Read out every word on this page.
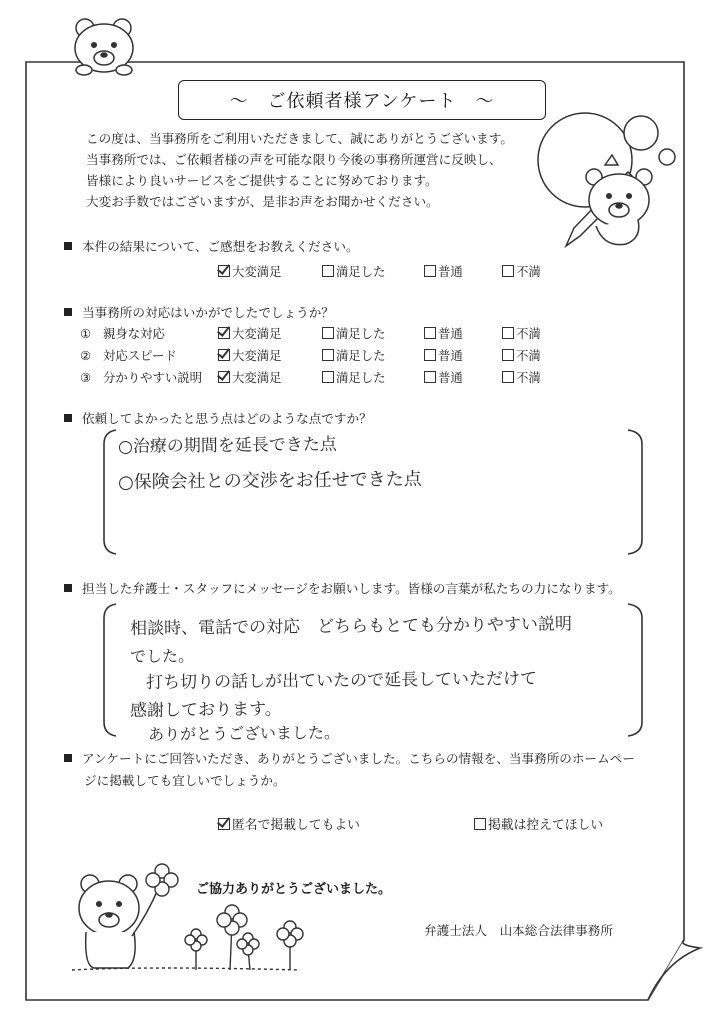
～　ご依頼者様アンケート　～
この度は、当事務所をご利用いただきまして、誠にありがとうございます。
当事務所では、ご依頼者様の声を可能な限り今後の事務所運営に反映し、
皆様により良いサービスをご提供することに努めております。
大変お手数ではございますが、是非お声をお聞かせください。
本件の結果について、ご感想をお教えください。
大変満足	満足した	普通	不満
当事務所の対応はいかがでしたでしょうか？
① 親身な対応	大変満足	満足した	普通	不満
② 対応スピード	大変満足	満足した	普通	不満
③ 分かりやすい説明	大変満足	満足した	普通	不満
依頼してよかったと思う点はどのような点ですか？
○治療の期間を延長できた点
○保険会社との交渉をお任せできた点
担当した弁護士・スタッフにメッセージをお願いします。皆様の言葉が私たちの力になります。
相談時、電話での対応　どちらもとても分かりやすい説明
でした。
打ち切りの話しが出ていたので延長していただけて
感謝しております。
ありがとうございました。
アンケートにご回答いただき、ありがとうございました。こちらの情報を、当事務所のホームペー
ジに掲載しても宜しいでしょうか。
匿名で掲載してもよい	掲載は控えてほしい
ご協力ありがとうございました。
弁護士法人　山本総合法律事務所
